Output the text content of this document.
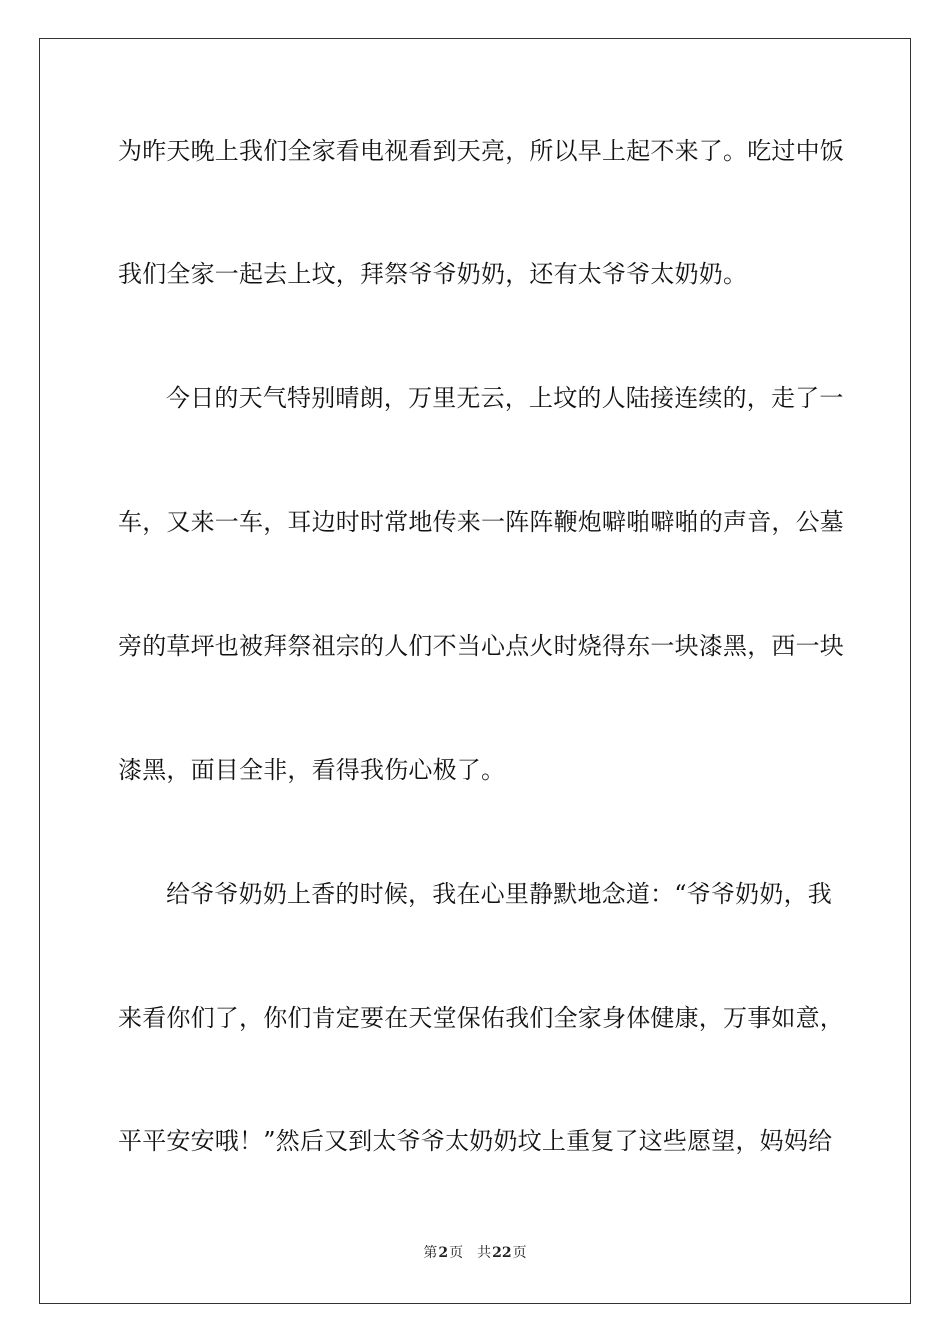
为昨天晚上我们全家看电视看到天亮，所以早上起不来了。吃过中饭
我们全家一起去上坟，拜祭爷爷奶奶，还有太爷爷太奶奶。
今日的天气特别晴朗，万里无云，上坟的人陆接连续的，走了一
车，又来一车，耳边时时常地传来一阵阵鞭炮噼啪噼啪的声音，公墓
旁的草坪也被拜祭祖宗的人们不当心点火时烧得东一块漆黑，西一块
漆黑，面目全非，看得我伤心极了。
给爷爷奶奶上香的时候，我在心里静默地念道：“爷爷奶奶，我
来看你们了，你们肯定要在天堂保佑我们全家身体健康，万事如意，
平平安安哦！”然后又到太爷爷太奶奶坟上重复了这些愿望，妈妈给
第2页 共22页
